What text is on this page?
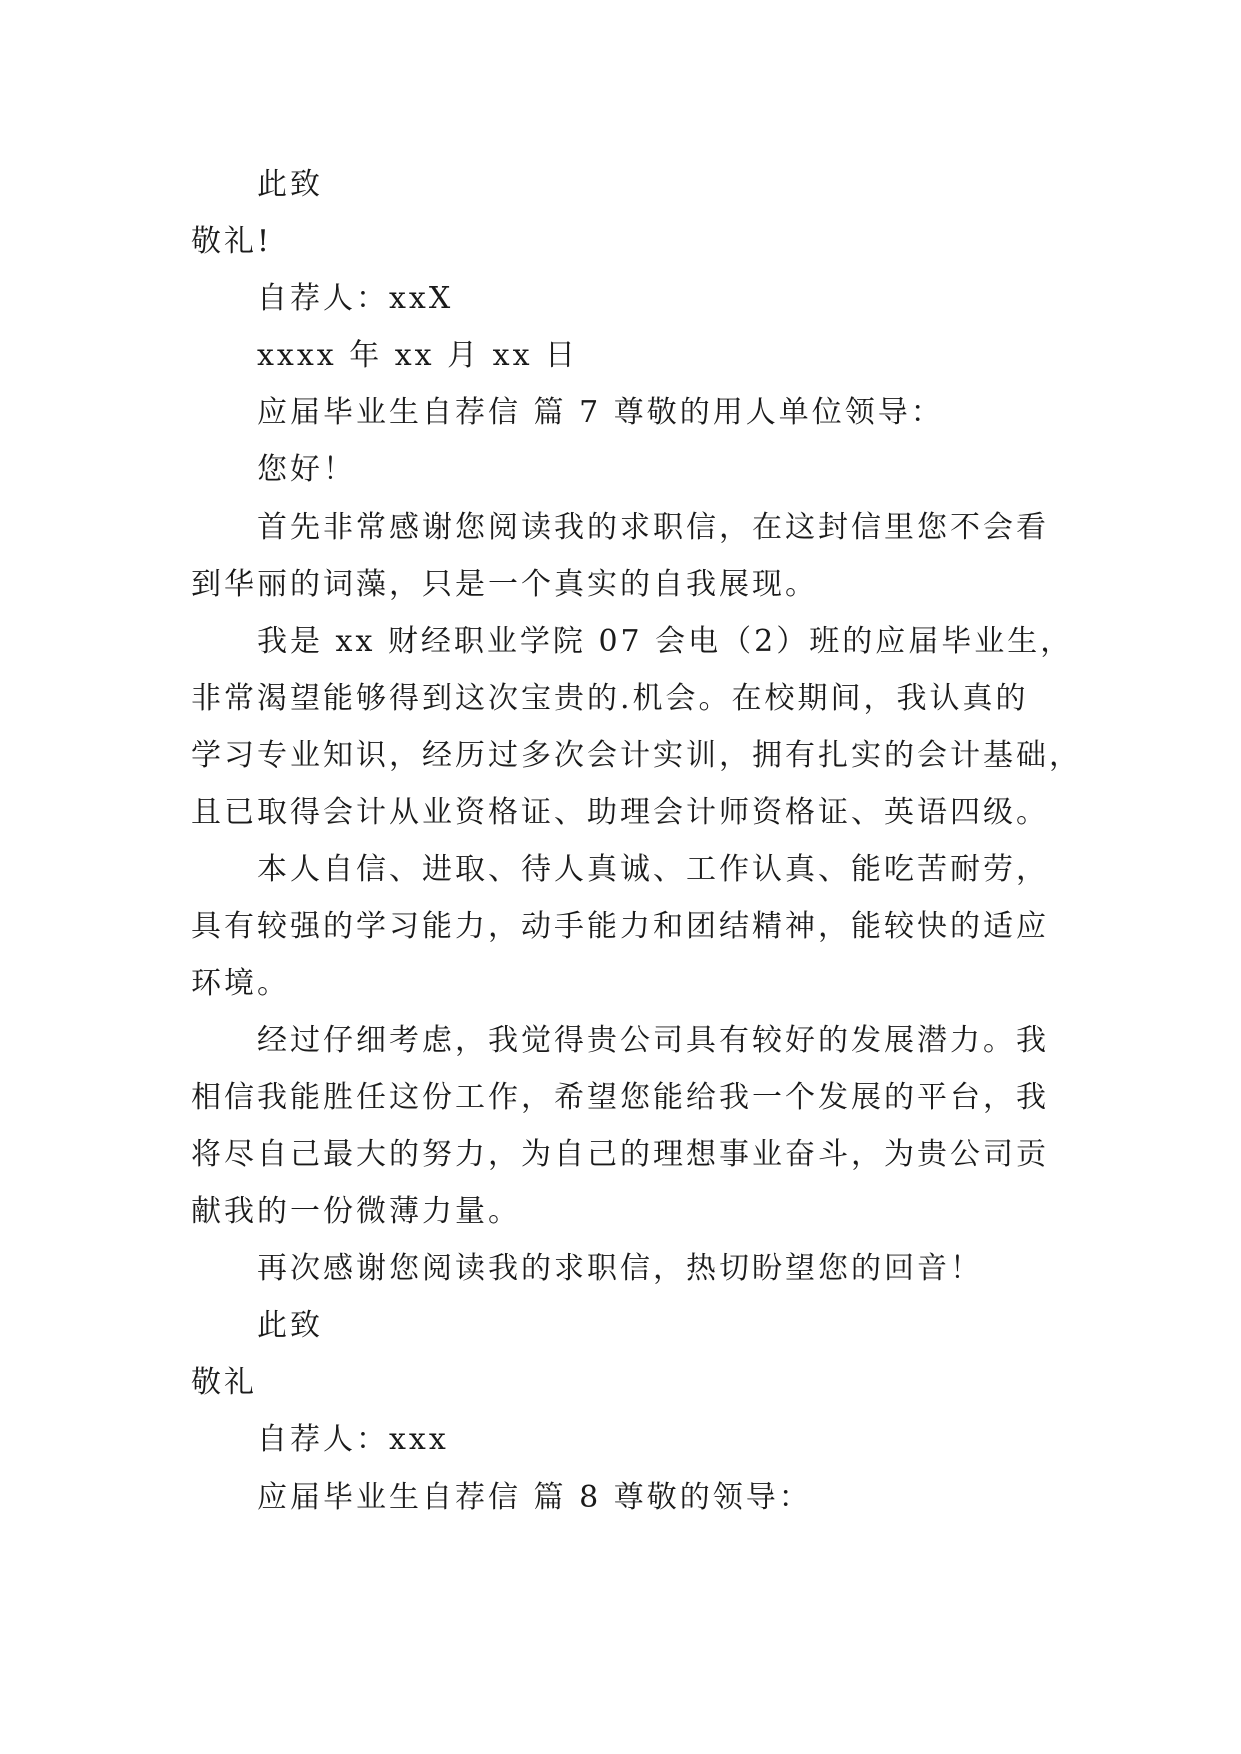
此致
敬礼!
自荐人：xxX
xxxx 年 xx 月 xx 日
应届毕业生自荐信 篇 7 尊敬的用人单位领导：
您好！
首先非常感谢您阅读我的求职信，在这封信里您不会看
到华丽的词藻，只是一个真实的自我展现。
我是 xx 财经职业学院 07 会电（2）班的应届毕业生，
非常渴望能够得到这次宝贵的.机会。在校期间，我认真的
学习专业知识，经历过多次会计实训，拥有扎实的会计基础，
且已取得会计从业资格证、助理会计师资格证、英语四级。
本人自信、进取、待人真诚、工作认真、能吃苦耐劳，
具有较强的学习能力，动手能力和团结精神，能较快的适应
环境。
经过仔细考虑，我觉得贵公司具有较好的发展潜力。我
相信我能胜任这份工作，希望您能给我一个发展的平台，我
将尽自己最大的努力，为自己的理想事业奋斗，为贵公司贡
献我的一份微薄力量。
再次感谢您阅读我的求职信，热切盼望您的回音！
此致
敬礼
自荐人：xxx
应届毕业生自荐信 篇 8 尊敬的领导：
